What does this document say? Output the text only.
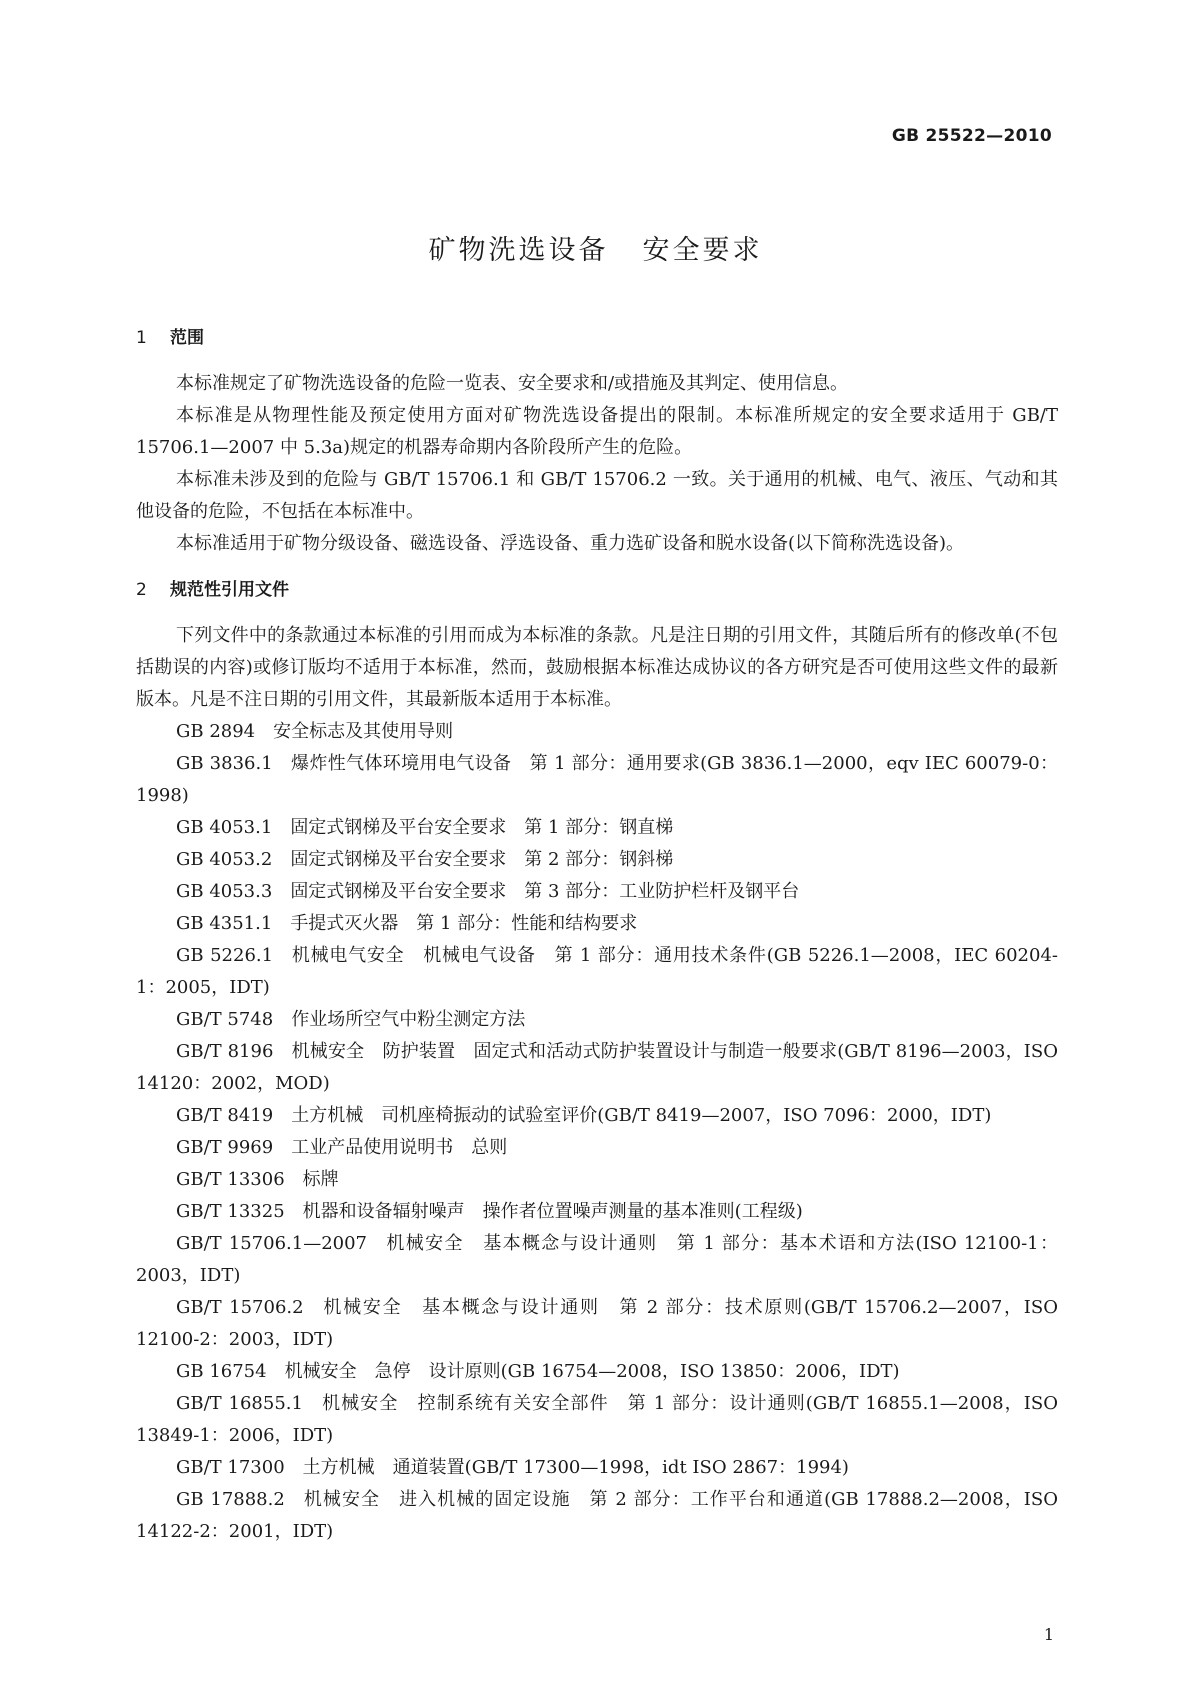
GB 25522—2010
矿物洗选设备 安全要求
1 范围

本标准规定了矿物洗选设备的危险一览表、安全要求和/或措施及其判定、使用信息。

本标准是从物理性能及预定使用方面对矿物洗选设备提出的限制。本标准所规定的安全要求适用于 GB/T 15706.1—2007 中 5.3a)规定的机器寿命期内各阶段所产生的危险。

本标准未涉及到的危险与 GB/T 15706.1 和 GB/T 15706.2 一致。关于通用的机械、电气、液压、气动和其他设备的危险，不包括在本标准中。

本标准适用于矿物分级设备、磁选设备、浮选设备、重力选矿设备和脱水设备(以下简称洗选设备)。

2 规范性引用文件

下列文件中的条款通过本标准的引用而成为本标准的条款。凡是注日期的引用文件，其随后所有的修改单(不包括勘误的内容)或修订版均不适用于本标准，然而，鼓励根据本标准达成协议的各方研究是否可使用这些文件的最新版本。凡是不注日期的引用文件，其最新版本适用于本标准。

GB 2894 安全标志及其使用导则

GB 3836.1 爆炸性气体环境用电气设备　第 1 部分：通用要求(GB 3836.1—2000，eqv IEC 60079-0：1998)

GB 4053.1 固定式钢梯及平台安全要求　第 1 部分：钢直梯

GB 4053.2 固定式钢梯及平台安全要求　第 2 部分：钢斜梯

GB 4053.3 固定式钢梯及平台安全要求　第 3 部分：工业防护栏杆及钢平台

GB 4351.1 手提式灭火器　第 1 部分：性能和结构要求

GB 5226.1 机械电气安全　机械电气设备　第 1 部分：通用技术条件(GB 5226.1—2008，IEC 60204-1：2005，IDT)

GB/T 5748 作业场所空气中粉尘测定方法

GB/T 8196 机械安全　防护装置　固定式和活动式防护装置设计与制造一般要求(GB/T 8196—2003，ISO 14120：2002，MOD)

GB/T 8419 土方机械　司机座椅振动的试验室评价(GB/T 8419—2007，ISO 7096：2000，IDT)

GB/T 9969 工业产品使用说明书　总则

GB/T 13306 标牌

GB/T 13325 机器和设备辐射噪声　操作者位置噪声测量的基本准则(工程级)

GB/T 15706.1—2007 机械安全　基本概念与设计通则　第 1 部分：基本术语和方法(ISO 12100-1：2003，IDT)

GB/T 15706.2 机械安全　基本概念与设计通则　第 2 部分：技术原则(GB/T 15706.2—2007，ISO 12100-2：2003，IDT)

GB 16754 机械安全　急停　设计原则(GB 16754—2008，ISO 13850：2006，IDT)

GB/T 16855.1 机械安全　控制系统有关安全部件　第 1 部分：设计通则(GB/T 16855.1—2008，ISO 13849-1：2006，IDT)

GB/T 17300 土方机械　通道装置(GB/T 17300—1998，idt ISO 2867：1994)

GB 17888.2 机械安全　进入机械的固定设施　第 2 部分：工作平台和通道(GB 17888.2—2008，ISO 14122-2：2001，IDT)

1
